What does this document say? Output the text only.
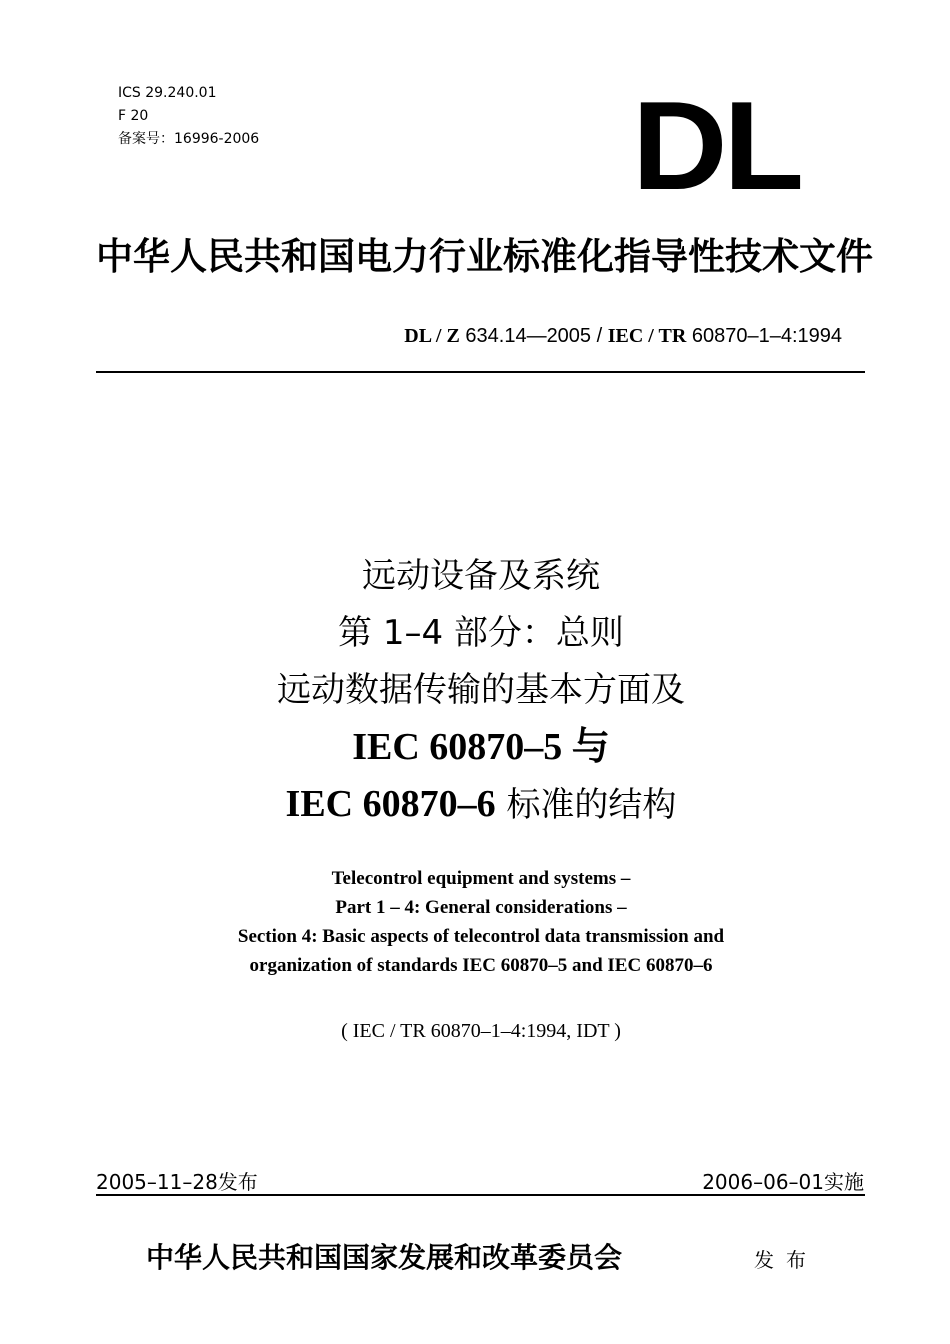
ICS 29.240.01
F 20
备案号：16996-2006	DL
中华人民共和国电力行业标准化指导性技术文件
DL / Z 634.14—2005 / IEC / TR 60870–1–4:1994
远动设备及系统
第 1–4 部分：总则
远动数据传输的基本方面及
IEC 60870–5 与
IEC 60870–6 标准的结构
Telecontrol equipment and systems –
Part 1 – 4: General considerations –
Section 4: Basic aspects of telecontrol data transmission and
organization of standards IEC 60870–5 and IEC 60870–6
( IEC / TR 60870–1–4:1994, IDT )
2005–11–28发布	2006–06–01实施
中华人民共和国国家发展和改革委员会	发布
